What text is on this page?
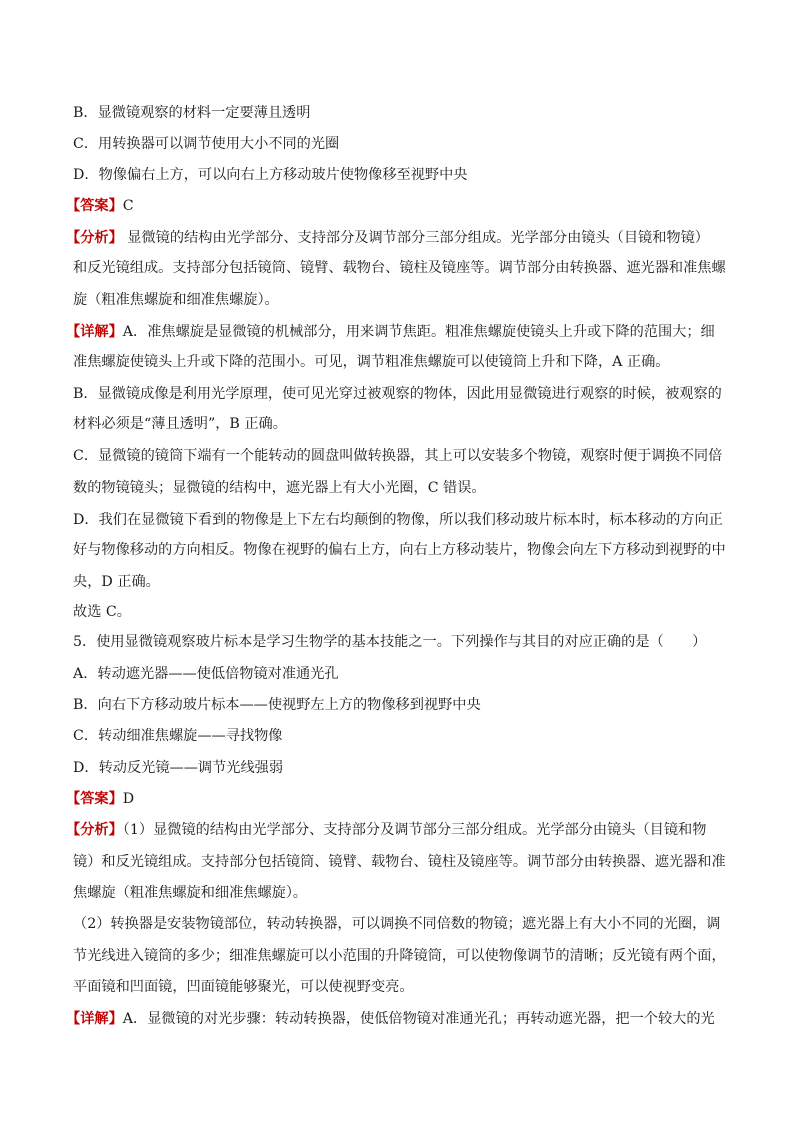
B．显微镜观察的材料一定要薄且透明
C．用转换器可以调节使用大小不同的光圈
D．物像偏右上方，可以向右上方移动玻片使物像移至视野中央
【答案】C
【分析】 显微镜的结构由光学部分、支持部分及调节部分三部分组成。光学部分由镜头（目镜和物镜）
和反光镜组成。支持部分包括镜筒、镜臂、载物台、镜柱及镜座等。调节部分由转换器、遮光器和准焦螺
旋（粗准焦螺旋和细准焦螺旋）。
【详解】A．准焦螺旋是显微镜的机械部分，用来调节焦距。粗准焦螺旋使镜头上升或下降的范围大；细
准焦螺旋使镜头上升或下降的范围小。可见，调节粗准焦螺旋可以使镜筒上升和下降，A 正确。
B．显微镜成像是利用光学原理，使可见光穿过被观察的物体，因此用显微镜进行观察的时候，被观察的
材料必须是“薄且透明”，B 正确。
C．显微镜的镜筒下端有一个能转动的圆盘叫做转换器，其上可以安装多个物镜，观察时便于调换不同倍
数的物镜镜头；显微镜的结构中，遮光器上有大小光圈，C 错误。
D．我们在显微镜下看到的物像是上下左右均颠倒的物像，所以我们移动玻片标本时，标本移动的方向正
好与物像移动的方向相反。物像在视野的偏右上方，向右上方移动装片，物像会向左下方移动到视野的中
央，D 正确。
故选 C。
5．使用显微镜观察玻片标本是学习生物学的基本技能之一。下列操作与其目的对应正确的是（　　）
A．转动遮光器——使低倍物镜对准通光孔
B．向右下方移动玻片标本——使视野左上方的物像移到视野中央
C．转动细准焦螺旋——寻找物像
D．转动反光镜——调节光线强弱
【答案】D
【分析】（1）显微镜的结构由光学部分、支持部分及调节部分三部分组成。光学部分由镜头（目镜和物
镜）和反光镜组成。支持部分包括镜筒、镜臂、载物台、镜柱及镜座等。调节部分由转换器、遮光器和准
焦螺旋（粗准焦螺旋和细准焦螺旋）。
（2）转换器是安装物镜部位，转动转换器，可以调换不同倍数的物镜；遮光器上有大小不同的光圈，调
节光线进入镜筒的多少；细准焦螺旋可以小范围的升降镜筒，可以使物像调节的清晰；反光镜有两个面，
平面镜和凹面镜，凹面镜能够聚光，可以使视野变亮。
【详解】A．显微镜的对光步骤：转动转换器，使低倍物镜对准通光孔；再转动遮光器，把一个较大的光
